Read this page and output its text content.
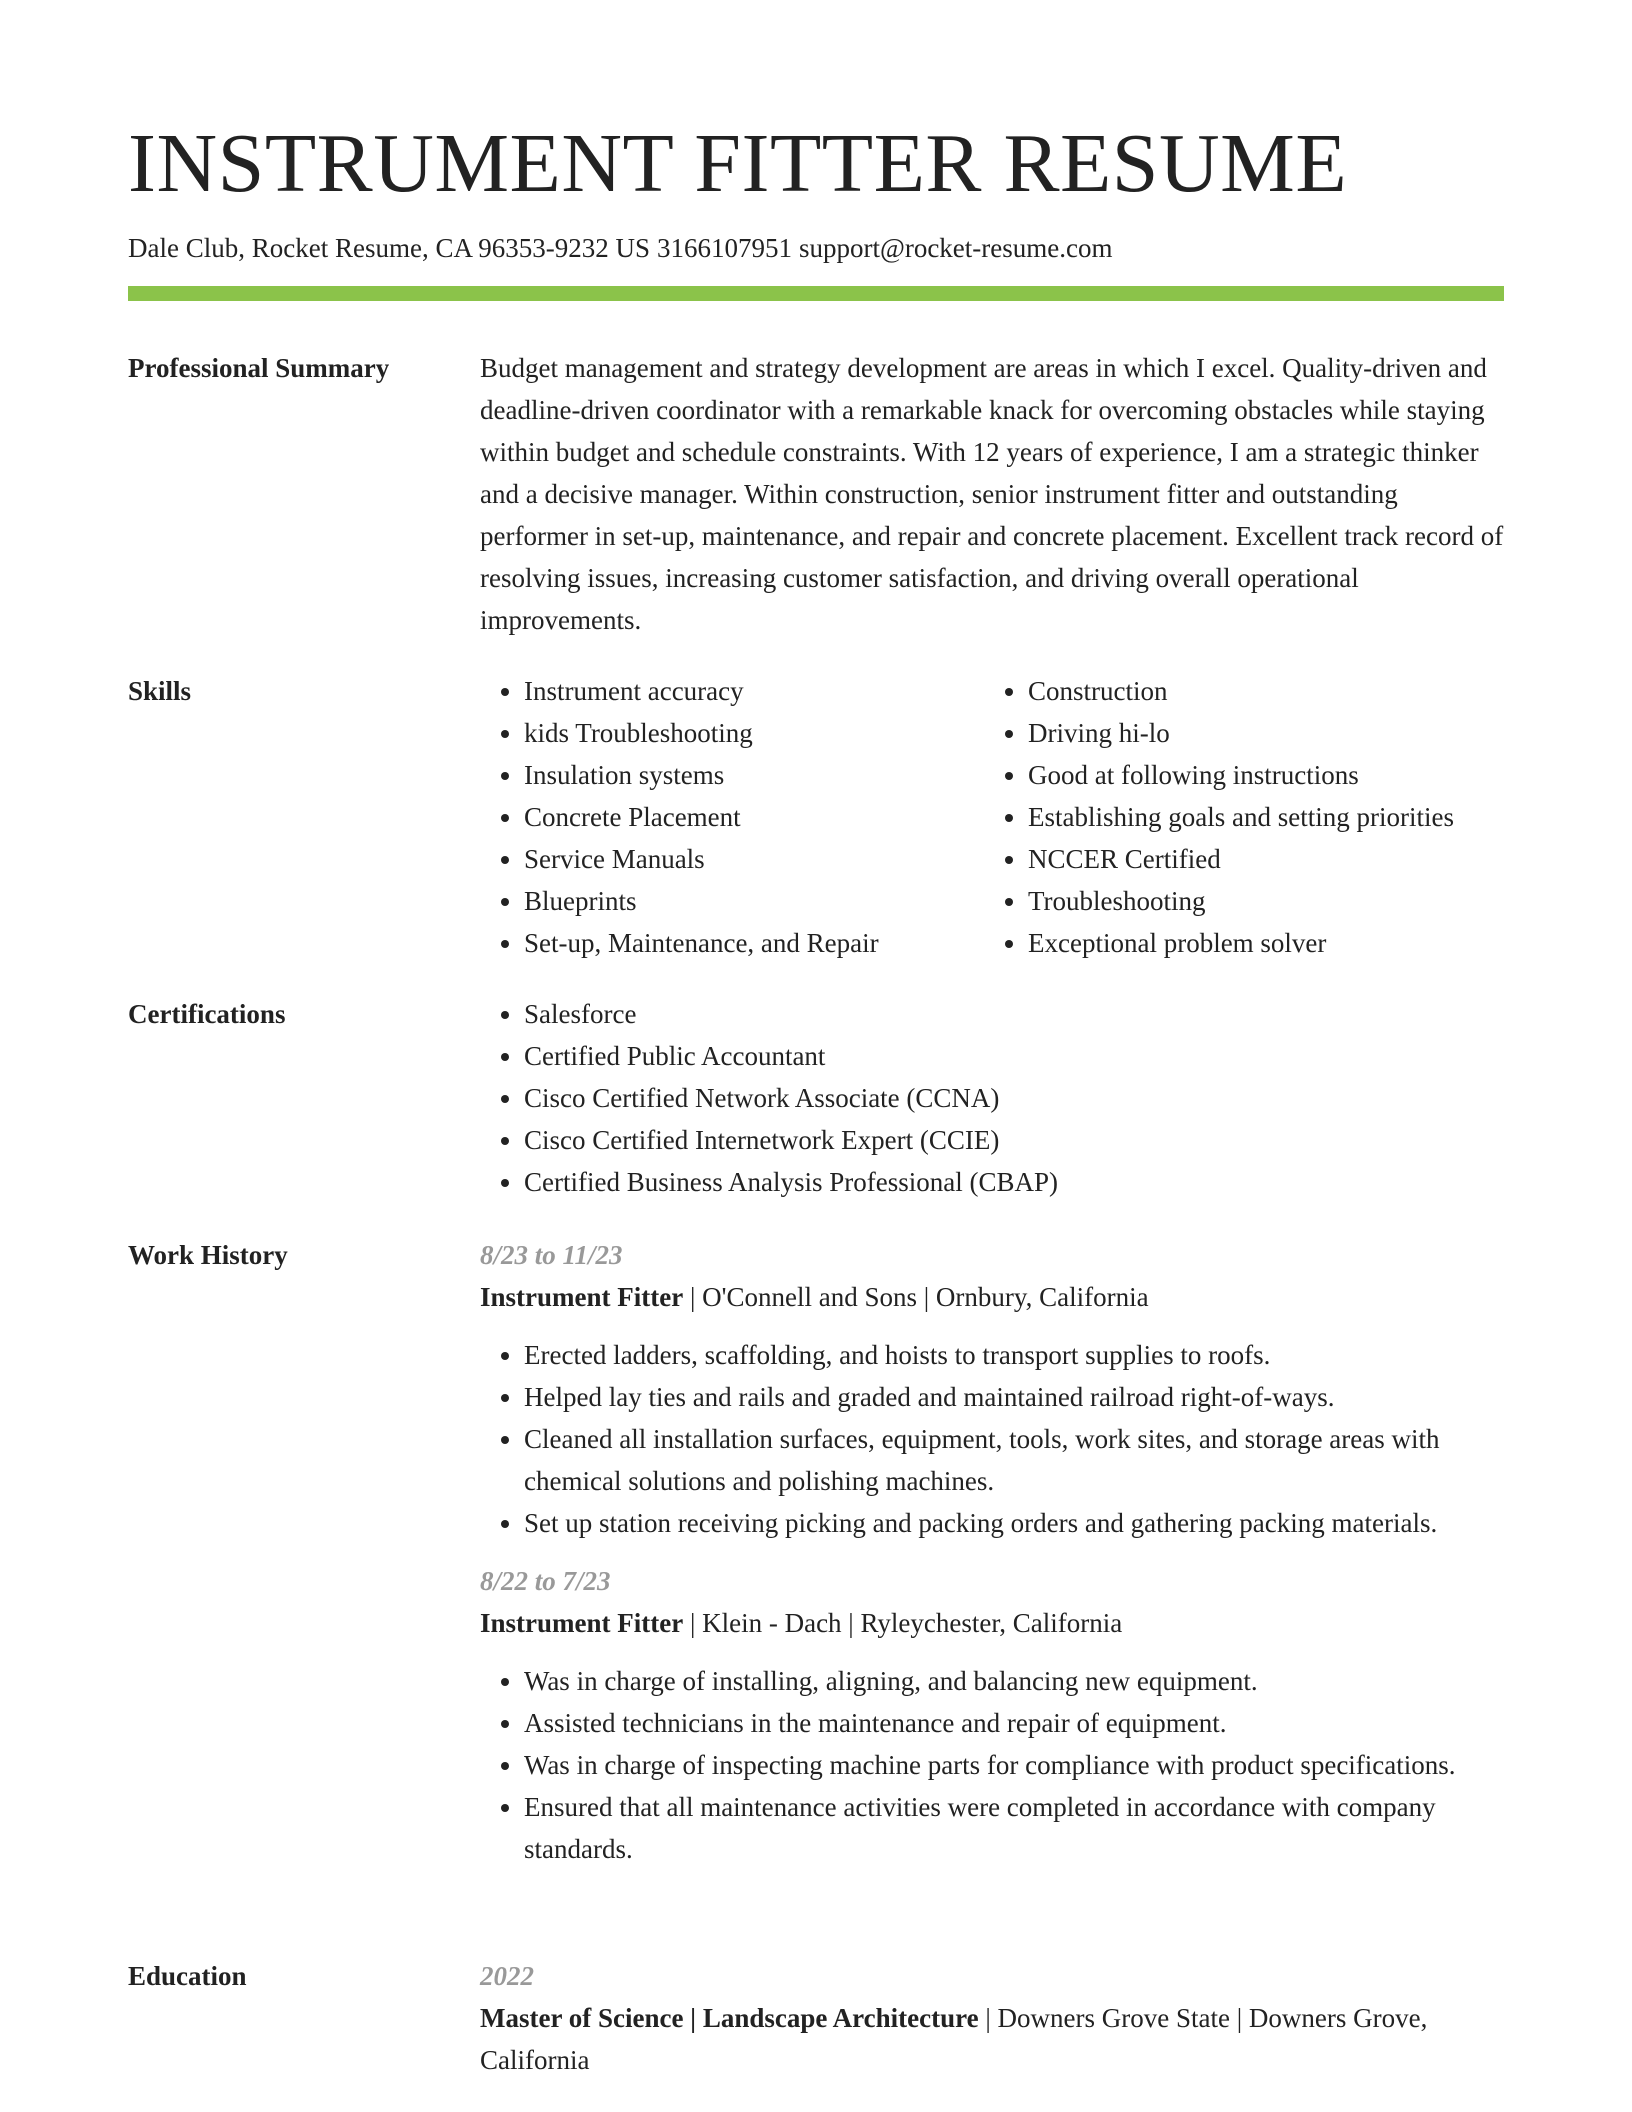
INSTRUMENT FITTER RESUME
Dale Club, Rocket Resume, CA 96353-9232 US 3166107951 support@rocket-resume.com
Professional Summary	Budget management and strategy development are areas in which I excel. Quality-driven and deadline-driven coordinator with a remarkable knack for overcoming obstacles while staying within budget and schedule constraints. With 12 years of experience, I am a strategic thinker and a decisive manager. Within construction, senior instrument fitter and outstanding performer in set-up, maintenance, and repair and concrete placement. Excellent track record of resolving issues, increasing customer satisfaction, and driving overall operational improvements.

Skills	• Instrument accuracy
• kids Troubleshooting
• Insulation systems
• Concrete Placement
• Service Manuals
• Blueprints
• Set-up, Maintenance, and Repair
• Construction
• Driving hi-lo
• Good at following instructions
• Establishing goals and setting priorities
• NCCER Certified
• Troubleshooting
• Exceptional problem solver
Certifications	• Salesforce
• Certified Public Accountant
• Cisco Certified Network Associate (CCNA)
• Cisco Certified Internetwork Expert (CCIE)
• Certified Business Analysis Professional (CBAP)
Work History	8/23 to 11/23
Instrument Fitter | O'Connell and Sons | Ornbury, California
• Erected ladders, scaffolding, and hoists to transport supplies to roofs.
• Helped lay ties and rails and graded and maintained railroad right-of-ways.
• Cleaned all installation surfaces, equipment, tools, work sites, and storage areas with chemical solutions and polishing machines.
• Set up station receiving picking and packing orders and gathering packing materials.
8/22 to 7/23
Instrument Fitter | Klein - Dach | Ryleychester, California
• Was in charge of installing, aligning, and balancing new equipment.
• Assisted technicians in the maintenance and repair of equipment.
• Was in charge of inspecting machine parts for compliance with product specifications.
• Ensured that all maintenance activities were completed in accordance with company standards.
Education	2022
Master of Science | Landscape Architecture | Downers Grove State | Downers Grove, California
